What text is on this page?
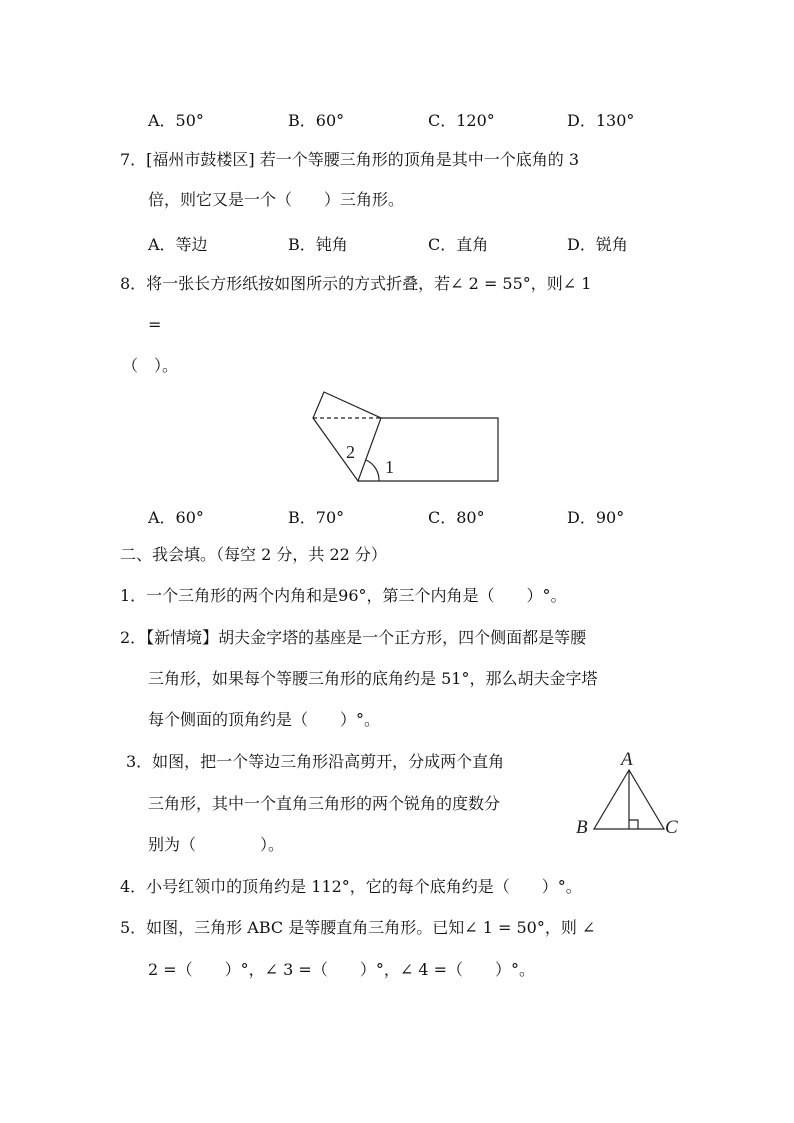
A．50°	B．60°	C．120°	D．130°
7．[福州市鼓楼区] 若一个等腰三角形的顶角是其中一个底角的 3
倍，则它又是一个（　　）三角形。
A．等边	B．钝角	C．直角	D．锐角
8．将一张长方形纸按如图所示的方式折叠，若∠ 2 = 55°，则∠ 1
=
（　）。
2
1
A．60°	B．70°	C．80°	D．90°
二、我会填。（每空 2 分，共 22 分）
1．一个三角形的两个内角和是96°，第三个内角是（　　）°。
2．【新情境】胡夫金字塔的基座是一个正方形，四个侧面都是等腰
三角形，如果每个等腰三角形的底角约是 51°，那么胡夫金字塔
每个侧面的顶角约是（　　）°。
3．如图，把一个等边三角形沿高剪开，分成两个直角
三角形，其中一个直角三角形的两个锐角的度数分
别为（　　　　）。
A
B	C
4．小号红领巾的顶角约是 112°，它的每个底角约是（　　）°。
5．如图，三角形 ABC 是等腰直角三角形。已知∠ 1 = 50°，则 ∠
2 =（　　）°，∠ 3 =（　　）°，∠ 4 =（　　）°。
